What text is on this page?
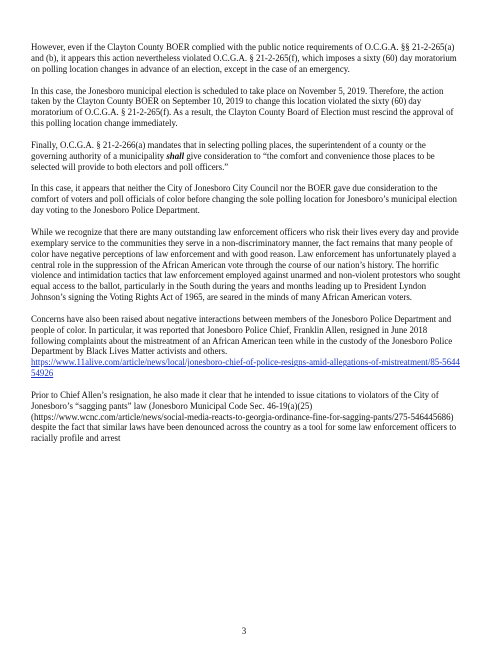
However, even if the Clayton County BOER complied with the public notice requirements of O.C.G.A. §§ 21-2-265(a) and (b), it appears this action nevertheless violated O.C.G.A. § 21-2-265(f), which imposes a sixty (60) day moratorium on polling location changes in advance of an election, except in the case of an emergency.

In this case, the Jonesboro municipal election is scheduled to take place on November 5, 2019. Therefore, the action taken by the Clayton County BOER on September 10, 2019 to change this location violated the sixty (60) day moratorium of O.C.G.A. § 21-2-265(f). As a result, the Clayton County Board of Election must rescind the approval of this polling location change immediately.

Finally, O.C.G.A. § 21-2-266(a) mandates that in selecting polling places, the superintendent of a county or the governing authority of a municipality shall give consideration to “the comfort and convenience those places to be selected will provide to both electors and poll officers.”

In this case, it appears that neither the City of Jonesboro City Council nor the BOER gave due consideration to the comfort of voters and poll officials of color before changing the sole polling location for Jonesboro’s municipal election day voting to the Jonesboro Police Department.

While we recognize that there are many outstanding law enforcement officers who risk their lives every day and provide exemplary service to the communities they serve in a non-discriminatory manner, the fact remains that many people of color have negative perceptions of law enforcement and with good reason. Law enforcement has unfortunately played a central role in the suppression of the African American vote through the course of our nation’s history. The horrific violence and intimidation tactics that law enforcement employed against unarmed and non-violent protestors who sought equal access to the ballot, particularly in the South during the years and months leading up to President Lyndon Johnson’s signing the Voting Rights Act of 1965, are seared in the minds of many African American voters.

Concerns have also been raised about negative interactions between members of the Jonesboro Police Department and people of color. In particular, it was reported that Jonesboro Police Chief, Franklin Allen, resigned in June 2018 following complaints about the mistreatment of an African American teen while in the custody of the Jonesboro Police Department by Black Lives Matter activists and others.
https://www.11alive.com/article/news/local/jonesboro-chief-of-police-resigns-amid-allegations-of-mistreatment/85-564454926

Prior to Chief Allen’s resignation, he also made it clear that he intended to issue citations to violators of the City of Jonesboro’s “sagging pants” law (Jonesboro Municipal Code Sec. 46-19(a)(25) (https://www.wcnc.com/article/news/social-media-reacts-to-georgia-ordinance-fine-for-sagging-pants/275-546445686) despite the fact that similar laws have been denounced across the country as a tool for some law enforcement officers to racially profile and arrest

3
